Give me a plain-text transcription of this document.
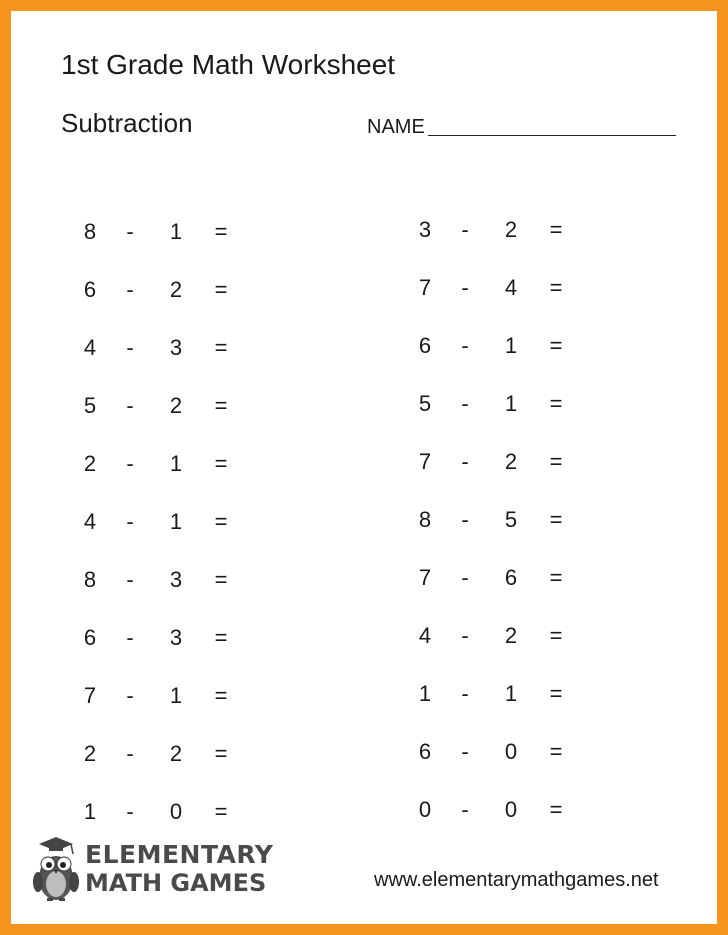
1st Grade Math Worksheet
Subtraction	NAME
8 - 1 =
6 - 2 =
4 - 3 =
5 - 2 =
2 - 1 =
4 - 1 =
8 - 3 =
6 - 3 =
7 - 1 =
2 - 2 =
1 - 0 =
3 - 2 =
7 - 4 =
6 - 1 =
5 - 1 =
7 - 2 =
8 - 5 =
7 - 6 =
4 - 2 =
1 - 1 =
6 - 0 =
0 - 0 =
ELEMENTARY
MATH GAMES	www.elementarymathgames.net
